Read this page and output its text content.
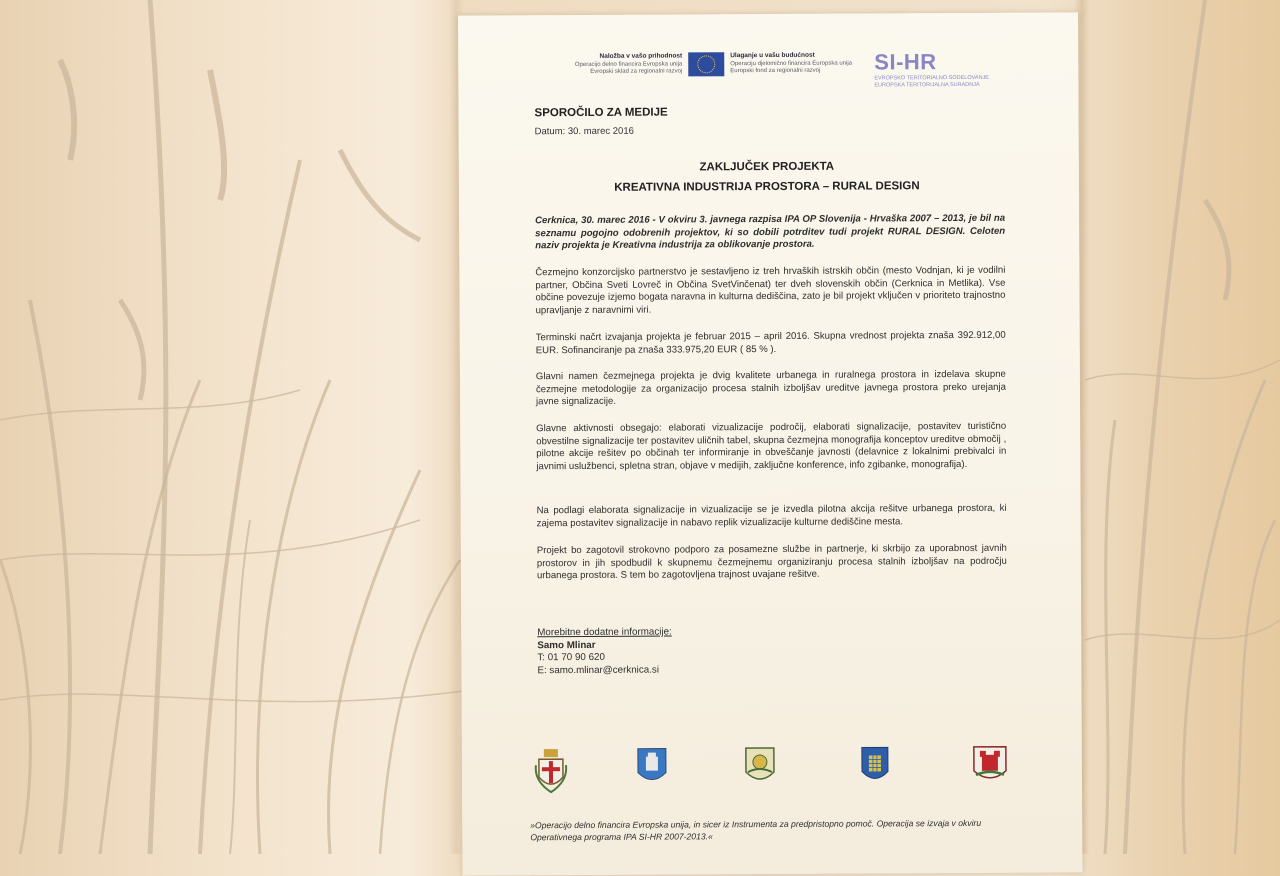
Naložba v vašo prihodnost
Operacijo delno financira Evropska unija
Evropski sklad za regionalni razvoj
Ulaganje u vašu budućnost
Operaciju djelomično financira Europska unija
Europski fond za regionalni razvoj	SI-HR
EVROPSKO TERITORIALNO SODELOVANJE
EUROPSKA TERITORIJALNA SURADNJA
SPOROČILO ZA MEDIJE
Datum: 30. marec 2016
ZAKLJUČEK PROJEKTA
KREATIVNA INDUSTRIJA PROSTORA – RURAL DESIGN
Cerknica, 30. marec 2016 - V okviru 3. javnega razpisa IPA OP Slovenija - Hrvaška 2007 – 2013, je bil na seznamu pogojno odobrenih projektov, ki so dobili potrditev tudi projekt RURAL DESIGN. Celoten naziv projekta je Kreativna industrija za oblikovanje prostora.
Čezmejno konzorcijsko partnerstvo je sestavljeno iz treh hrvaških istrskih občin (mesto Vodnjan, ki je vodilni partner, Občina Sveti Lovreč in Občina SvetVinčenat) ter dveh slovenskih občin (Cerknica in Metlika). Vse občine povezuje izjemo bogata naravna in kulturna dediščina, zato je bil projekt vključen v prioriteto trajnostno upravljanje z naravnimi viri.
Terminski načrt izvajanja projekta je februar 2015 – april 2016. Skupna vrednost projekta znaša 392.912,00 EUR. Sofinanciranje pa znaša 333.975,20 EUR ( 85 % ).
Glavni namen čezmejnega projekta je dvig kvalitete urbanega in ruralnega prostora in izdelava skupne čezmejne metodologije za organizacijo procesa stalnih izboljšav ureditve javnega prostora preko urejanja javne signalizacije.
Glavne aktivnosti obsegajo: elaborati vizualizacije področij, elaborati signalizacije, postavitev turistično obvestilne signalizacije ter postavitev uličnih tabel, skupna čezmejna monografija konceptov ureditve območij , pilotne akcije rešitev po občinah ter informiranje in obveščanje javnosti (delavnice z lokalnimi prebivalci in javnimi uslužbenci, spletna stran, objave v medijih, zaključne konference, info zgibanke, monografija).
Na podlagi elaborata signalizacije in vizualizacije se je izvedla pilotna akcija rešitve urbanega prostora, ki zajema postavitev signalizacije in nabavo replik vizualizacije kulturne dediščine mesta.
Projekt bo zagotovil strokovno podporo za posamezne službe in partnerje, ki skrbijo za uporabnost javnih prostorov in jih spodbudil k skupnemu čezmejnemu organiziranju procesa stalnih izboljšav na področju urbanega prostora. S tem bo zagotovljena trajnost uvajane rešitve.
Morebitne dodatne informacije:
Samo Mlinar
T: 01 70 90 620
E: samo.mlinar@cerknica.si
»Operacijo delno financira Evropska unija, in sicer iz Instrumenta za predpristopno pomoč. Operacija se izvaja v okviru Operativnega programa IPA SI-HR 2007-2013.«
